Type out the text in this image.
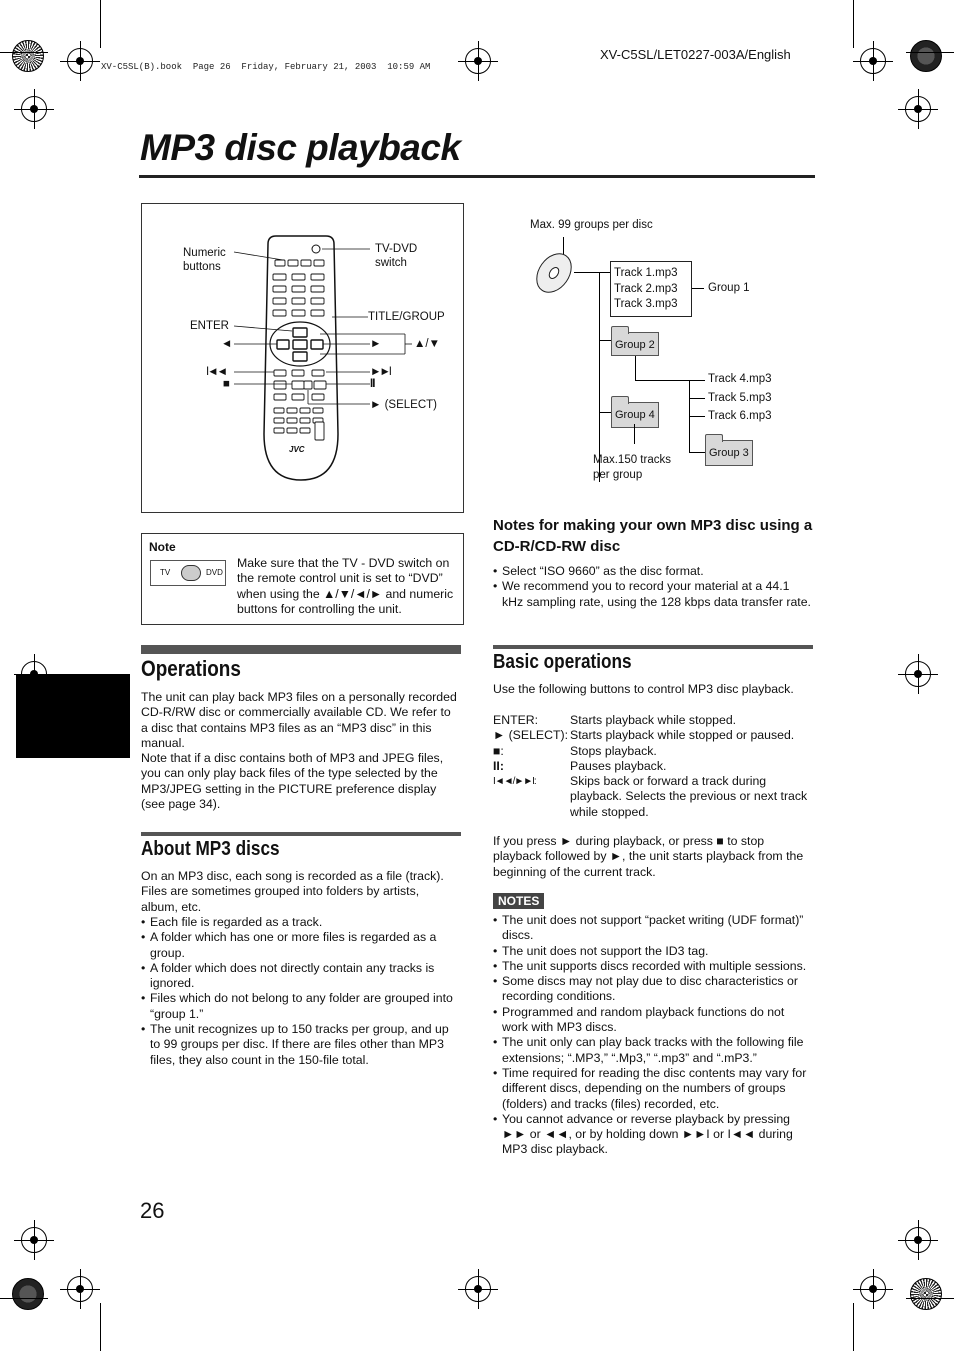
XV-C5SL(B).book  Page 26  Friday, February 21, 2003  10:59 AM
XV-C5SL/LET0227-003A/English
MP3 disc playback
Numeric
buttons
TV-DVD
switch
ENTER
TITLE/GROUP
◄	►	▲/▼
I◄◄	►►I
■	II
► (SELECT)
JVC
Note
TV	DVD
Make sure that the TV - DVD switch on the remote control unit is set to “DVD” when using the ▲/▼/◄/► and numeric buttons for controlling the unit.
MP3 disc
playback
Operations
The unit can play back MP3 files on a personally recorded CD-R/RW disc or commercially available CD. We refer to a disc that contains MP3 files as an “MP3 disc” in this manual.
Note that if a disc contains both of MP3 and JPEG files, you can only play back files of the type selected by the MP3/JPEG setting in the PICTURE preference display (see page 34).
About MP3 discs
On an MP3 disc, each song is recorded as a file (track). Files are sometimes grouped into folders by artists, album, etc.
• Each file is regarded as a track.
• A folder which has one or more files is regarded as a group.
• A folder which does not directly contain any tracks is ignored.
• Files which do not belong to any folder are grouped into “group 1.”
• The unit recognizes up to 150 tracks per group, and up to 99 groups per disc. If there are files other than MP3 files, they also count in the 150-file total.
Max. 99 groups per disc
Track 1.mp3
Track 2.mp3
Track 3.mp3
Group 1
Group 2
Track 4.mp3
Track 5.mp3
Track 6.mp3
Group 3
Group 4
Max.150 tracks
per group
Notes for making your own MP3 disc using a CD-R/CD-RW disc
• Select “ISO 9660” as the disc format.
• We recommend you to record your material at a 44.1 kHz sampling rate, using the 128 kbps data transfer rate.
Basic operations
Use the following buttons to control MP3 disc playback.
ENTER:	Starts playback while stopped.
► (SELECT): Starts playback while stopped or paused.
■:	Stops playback.
II:	Pauses playback.
I◄◄/►►I:	Skips back or forward a track during playback. Selects the previous or next track while stopped.
If you press ► during playback, or press ■ to stop playback followed by ►, the unit starts playback from the beginning of the current track.
NOTES
• The unit does not support “packet writing (UDF format)” discs.
• The unit does not support the ID3 tag.
• The unit supports discs recorded with multiple sessions.
• Some discs may not play due to disc characteristics or recording conditions.
• Programmed and random playback functions do not work with MP3 discs.
• The unit only can play back tracks with the following file extensions; “.MP3,” “.Mp3,” “.mp3” and “.mP3.”
• Time required for reading the disc contents may vary for different discs, depending on the numbers of groups (folders) and tracks (files) recorded, etc.
• You cannot advance or reverse playback by pressing ►► or ◄◄, or by holding down ►►I or I◄◄ during MP3 disc playback.
26
